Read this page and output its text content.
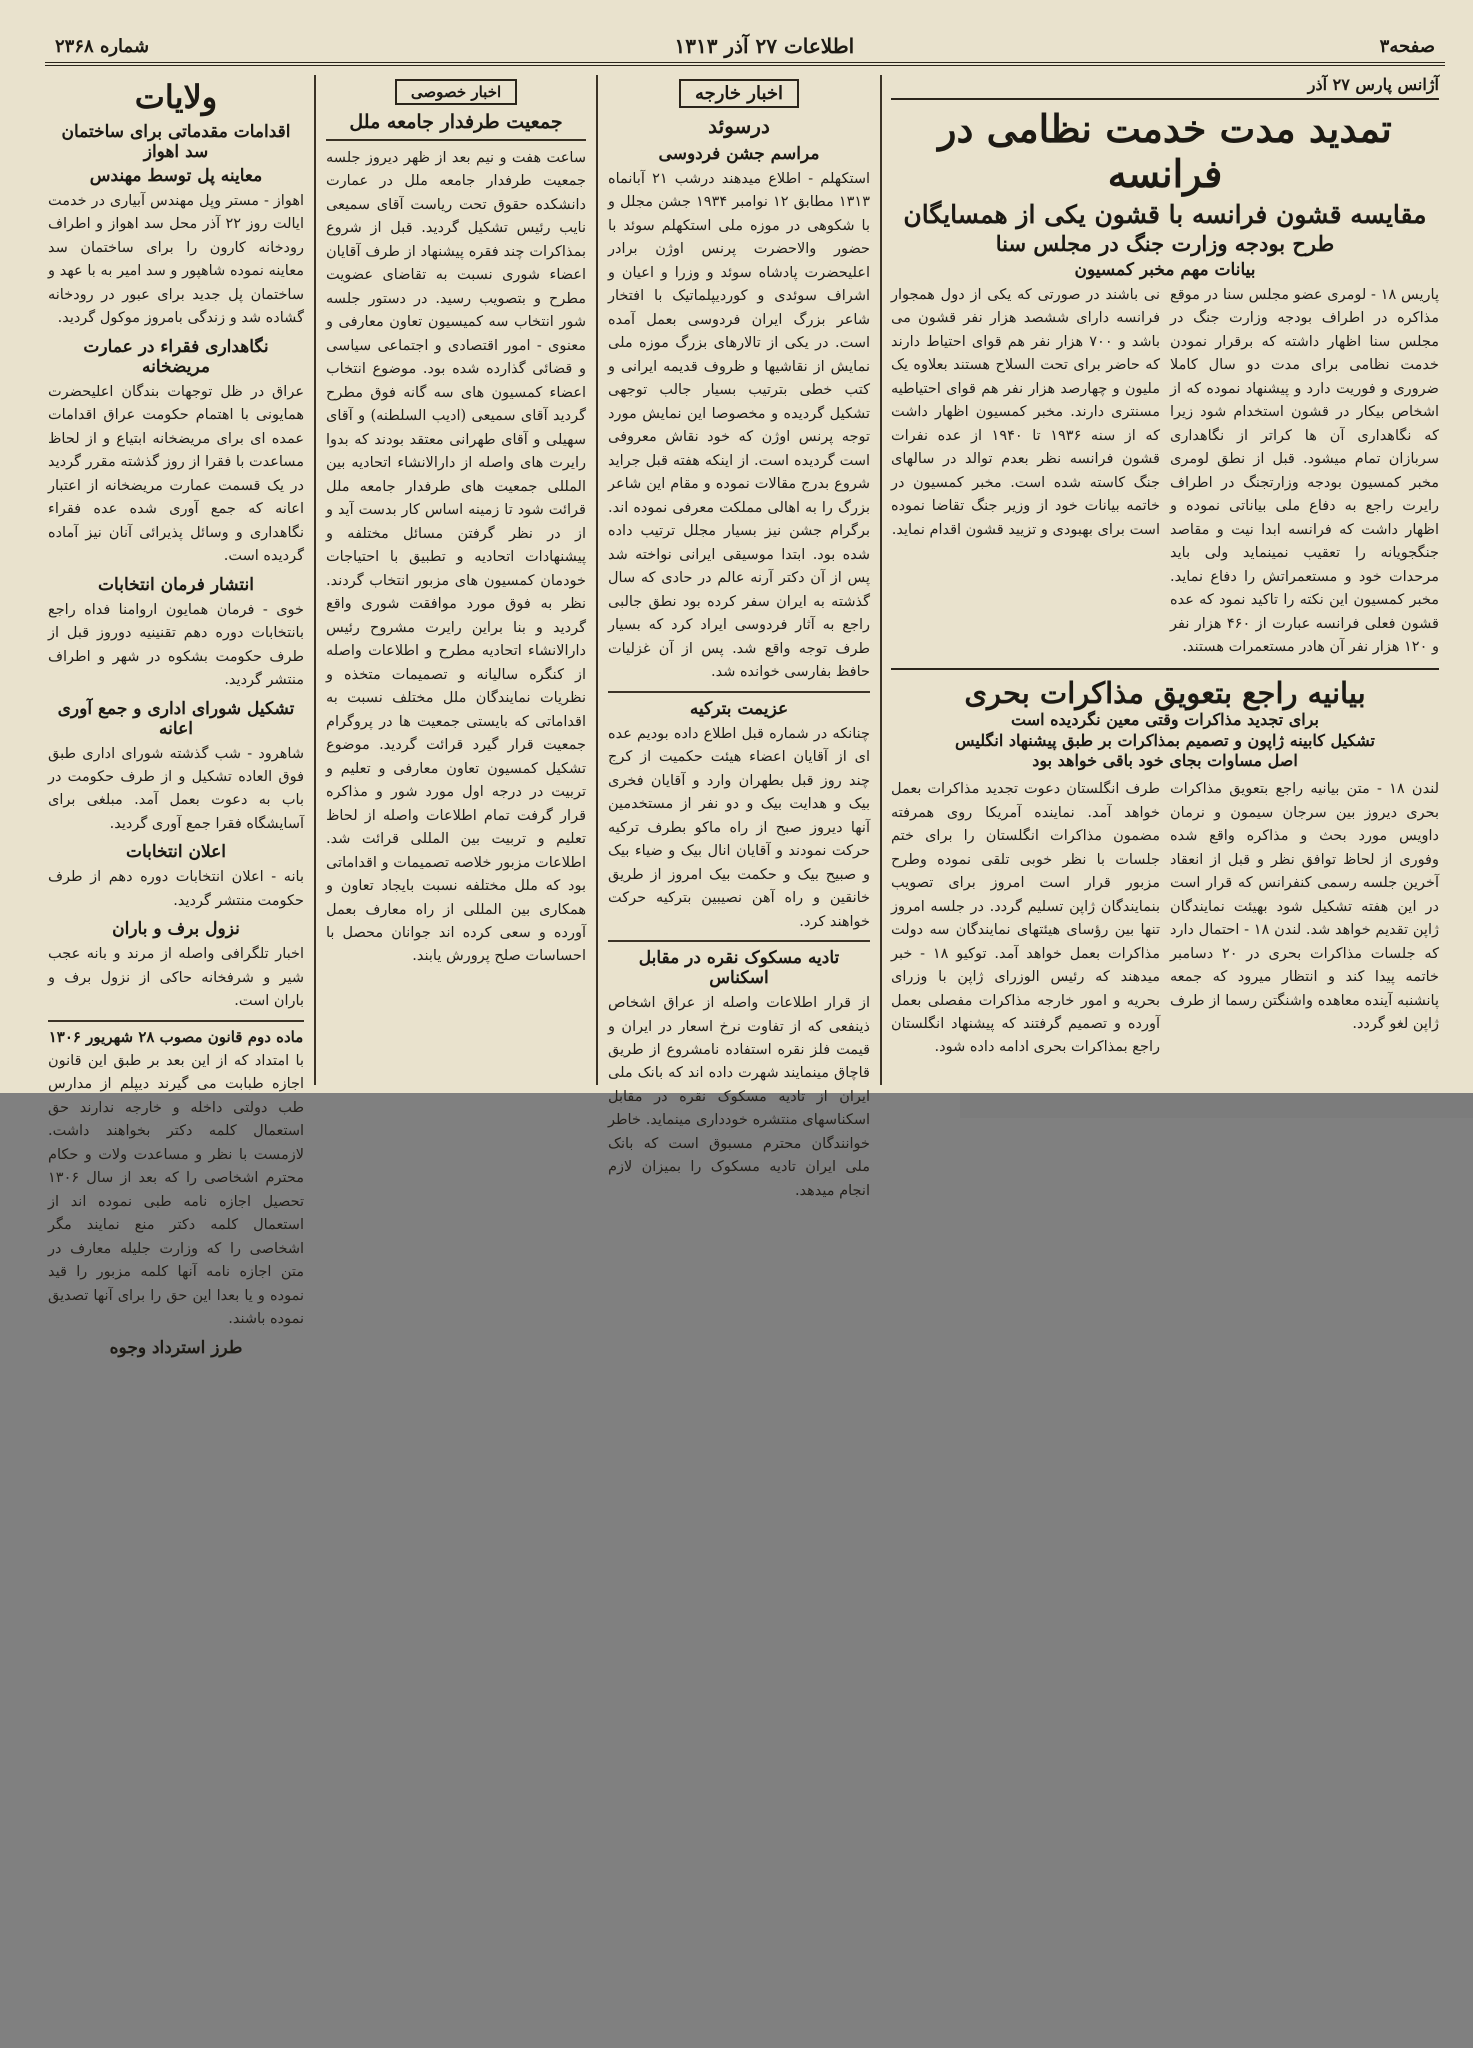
صفحه۳
اطلاعات ۲۷ آذر ۱۳۱۳
شماره ۲۳۶۸
آژانس پارس ۲۷ آذر
تمدید مدت خدمت نظامی در فرانسه
مقایسه قشون فرانسه با قشون یکی از همسایگان
طرح بودجه وزارت جنگ در مجلس سنا
بیانات مهم مخبر کمسیون
پاریس ۱۸ - لومری عضو مجلس سنا در موقع مذاکره در اطراف بودجه وزارت جنگ در مجلس سنا اظهار داشته که برقرار نمودن خدمت نظامی برای مدت دو سال کاملا ضروری و فوریت دارد و پیشنهاد نموده که از اشخاص بیکار در قشون استخدام شود زیرا که نگاهداری آن ها کراتر از نگاهداری سربازان تمام میشود. قبل از نطق لومری مخبر کمسیون بودجه وزارتجنگ در اطراف رایرت راجع به دفاع ملی بیاناتی نموده و اظهار داشت که فرانسه ابدا نیت و مقاصد جنگجویانه را تعقیب نمینماید ولی باید مرحدات خود و مستعمراتش را دفاع نماید. مخبر کمسیون این نکته را تاکید نمود که عده قشون فعلی فرانسه عبارت از ۴۶۰ هزار نفر و ۱۲۰ هزار نفر آن هادر مستعمرات هستند.
نی باشند در صورتی که یکی از دول همجوار فرانسه دارای ششصد هزار نفر قشون می باشد و ۷۰۰ هزار نفر هم قوای احتیاط دارند که حاضر برای تحت السلاح هستند بعلاوه یک ملیون و چهارصد هزار نفر هم قوای احتیاطیه مسنتری دارند. مخبر کمسیون اظهار داشت که از سنه ۱۹۳۶ تا ۱۹۴۰ از عده نفرات قشون فرانسه نظر بعدم توالد در سالهای جنگ کاسته شده است. مخبر کمسیون در خاتمه بیانات خود از وزیر جنگ تقاضا نموده است برای بهبودی و تزیید قشون اقدام نماید.
بیانیه راجع بتعویق مذاکرات بحری
برای تجدید مذاکرات وقتی معین نگردیده است
تشکیل کابینه ژاپون و تصمیم بمذاکرات بر طبق پیشنهاد انگلیس
اصل مساوات بجای خود باقی خواهد بود
لندن ۱۸ - متن بیانیه راجع بتعویق مذاکرات بحری دیروز بین سرجان سیمون و نرمان داویس مورد بحث و مذاکره واقع شده وفوری از لحاظ توافق نظر و قبل از انعقاد آخرین جلسه رسمی کنفرانس که قرار است در این هفته تشکیل شود بهیئت نمایندگان ژاپن تقدیم خواهد شد. لندن ۱۸ - احتمال دارد که جلسات مذاکرات بحری در ۲۰ دسامبر خاتمه پیدا کند و انتظار میرود که جمعه پانشنبه آینده معاهده واشنگتن رسما از طرف ژاپن لغو گردد.
طرف انگلستان دعوت تجدید مذاکرات بعمل خواهد آمد. نماینده آمریکا روی همرفته مضمون مذاکرات انگلستان را برای ختم جلسات با نظر خوبی تلقی نموده وطرح مزبور قرار است امروز برای تصویب بنمایندگان ژاپن تسلیم گردد. در جلسه امروز تنها بین رؤسای هیئتهای نمایندگان سه دولت مذاکرات بعمل خواهد آمد. توکیو ۱۸ - خبر میدهند که رئیس الوزرای ژاپن با وزرای بحریه و امور خارجه مذاکرات مفصلی بعمل آورده و تصمیم گرفتند که پیشنهاد انگلستان راجع بمذاکرات بحری ادامه داده شود.
اخبار خارجه
درسوئد
مراسم جشن فردوسی
استکهلم - اطلاع میدهند درشب ۲۱ آبانماه ۱۳۱۳ مطابق ۱۲ نوامبر ۱۹۳۴ جشن مجلل و با شکوهی در موزه ملی استکهلم سوئد با حضور والاحضرت پرنس اوژن برادر اعلیحضرت پادشاه سوئد و وزرا و اعیان و اشراف سوئدی و کوردیپلماتیک با افتخار شاعر بزرگ ایران فردوسی بعمل آمده است. در یکی از تالارهای بزرگ موزه ملی نمایش از نقاشیها و ظروف قدیمه ایرانی و کتب خطی بترتیب بسیار جالب توجهی تشکیل گردیده و مخصوصا این نمایش مورد توجه پرنس اوژن که خود نقاش معروفی است گردیده است. از اینکه هفته قبل جراید شروع بدرج مقالات نموده و مقام این شاعر بزرگ را به اهالی مملکت معرفی نموده اند. برگرام جشن نیز بسیار مجلل ترتیب داده شده بود. ابتدا موسیقی ایرانی نواخته شد پس از آن دکتر آرنه عالم در حادی که سال گذشته به ایران سفر کرده بود نطق جالبی راجع به آثار فردوسی ایراد کرد که بسیار طرف توجه واقع شد. پس از آن غزلیات حافظ بفارسی خوانده شد.
عزیمت بترکیه
چنانکه در شماره قبل اطلاع داده بودیم عده ای از آقایان اعضاء هیئت حکمیت از کرج چند روز قبل بطهران وارد و آقایان فخری بیک و هدایت بیک و دو نفر از مستخدمین آنها دیروز صبح از راه ماکو بطرف ترکیه حرکت نمودند و آقایان انال بیک و ضیاء بیک و صبیح بیک و حکمت بیک امروز از طریق خانقین و راه آهن نصیبین بترکیه حرکت خواهند کرد.
تادیه مسکوک نقره در مقابل اسکناس
از قرار اطلاعات واصله از عراق اشخاص ذینفعی که از تفاوت نرخ اسعار در ایران و قیمت فلز نقره استفاده نامشروع از طریق قاچاق مینمایند شهرت داده اند که بانک ملی ایران از تادیه مسکوک نقره در مقابل اسکناسهای منتشره خودداری مینماید. خاطر خوانندگان محترم مسبوق است که بانک ملی ایران تادیه مسکوک را بمیزان لازم انجام میدهد.
اخبار خصوصی
جمعیت طرفدار جامعه ملل
ساعت هفت و نیم بعد از ظهر دیروز جلسه جمعیت طرفدار جامعه ملل در عمارت دانشکده حقوق تحت ریاست آقای سمیعی نایب رئیس تشکیل گردید. قبل از شروع بمذاکرات چند فقره پیشنهاد از طرف آقایان اعضاء شوری نسبت به تقاضای عضویت مطرح و بتصویب رسید. در دستور جلسه شور انتخاب سه کمیسیون تعاون معارفی و معنوی - امور اقتصادی و اجتماعی سیاسی و قضائی گذارده شده بود. موضوع انتخاب اعضاء کمسیون های سه گانه فوق مطرح گردید آقای سمیعی (ادیب السلطنه) و آقای سهیلی و آقای طهرانی معتقد بودند که بدوا رایرت های واصله از دارالانشاء اتحادیه بین المللی جمعیت های طرفدار جامعه ملل قرائت شود تا زمینه اساس کار بدست آید و از در نظر گرفتن مسائل مختلفه و پیشنهادات اتحادیه و تطبیق با احتیاجات خودمان کمسیون های مزبور انتخاب گردند. نظر به فوق مورد موافقت شوری واقع گردید و بنا براین رایرت مشروح رئیس دارالانشاء اتحادیه مطرح و اطلاعات واصله از کنگره سالیانه و تصمیمات متخذه و نظریات نمایندگان ملل مختلف نسبت به اقداماتی که بایستی جمعیت ها در پروگرام جمعیت قرار گیرد قرائت گردید. موضوع تشکیل کمسیون تعاون معارفی و تعلیم و تربیت در درجه اول مورد شور و مذاکره قرار گرفت تمام اطلاعات واصله از لحاظ تعلیم و تربیت بین المللی قرائت شد. اطلاعات مزبور خلاصه تصمیمات و اقداماتی بود که ملل مختلفه نسبت بایجاد تعاون و همکاری بین المللی از راه معارف بعمل آورده و سعی کرده اند جوانان محصل با احساسات صلح پرورش یابند.
ولایات
اقدامات مقدماتی برای ساختمان سد اهواز
معاینه پل توسط مهندس
اهواز - مستر وپل مهندس آبیاری در خدمت ایالت روز ۲۲ آذر محل سد اهواز و اطراف رودخانه کارون را برای ساختمان سد معاینه نموده شاهپور و سد امیر به با عهد و ساختمان پل جدید برای عبور در رودخانه گشاده شد و زندگی بامروز موکول گردید.
نگاهداری فقراء در عمارت مریضخانه
عراق در ظل توجهات بندگان اعلیحضرت همایونی با اهتمام حکومت عراق اقدامات عمده ای برای مریضخانه ابتیاع و از لحاظ مساعدت با فقرا از روز گذشته مقرر گردید در یک قسمت عمارت مریضخانه از اعتبار اعانه که جمع آوری شده عده فقراء نگاهداری و وسائل پذیرائی آنان نیز آماده گردیده است.
انتشار فرمان انتخابات
خوی - فرمان همایون اروامنا فداه راجع بانتخابات دوره دهم تقنینیه دوروز قبل از طرف حکومت بشکوه در شهر و اطراف منتشر گردید.
تشکیل شورای اداری و جمع آوری اعانه
شاهرود - شب گذشته شورای اداری طبق فوق العاده تشکیل و از طرف حکومت در باب به دعوت بعمل آمد. مبلغی برای آسایشگاه فقرا جمع آوری گردید.
اعلان انتخابات
بانه - اعلان انتخابات دوره دهم از طرف حکومت منتشر گردید.
نزول برف و باران
اخبار تلگرافی واصله از مرند و بانه عجب شیر و شرفخانه حاکی از نزول برف و باران است.
ماده دوم قانون مصوب ۲۸ شهریور ۱۳۰۶
با امتداد که از این بعد بر طبق این قانون اجازه طبابت می گیرند دیپلم از مدارس طب دولتی داخله و خارجه ندارند حق استعمال کلمه دکتر بخواهند داشت. لازمست با نظر و مساعدت ولات و حکام محترم اشخاصی را که بعد از سال ۱۳۰۶ تحصیل اجازه نامه طبی نموده اند از استعمال کلمه دکتر منع نمایند مگر اشخاصی را که وزارت جلیله معارف در متن اجازه نامه آنها کلمه مزبور را قید نموده و یا بعدا این حق را برای آنها تصدیق نموده باشند.
طرز استرداد وجوه
